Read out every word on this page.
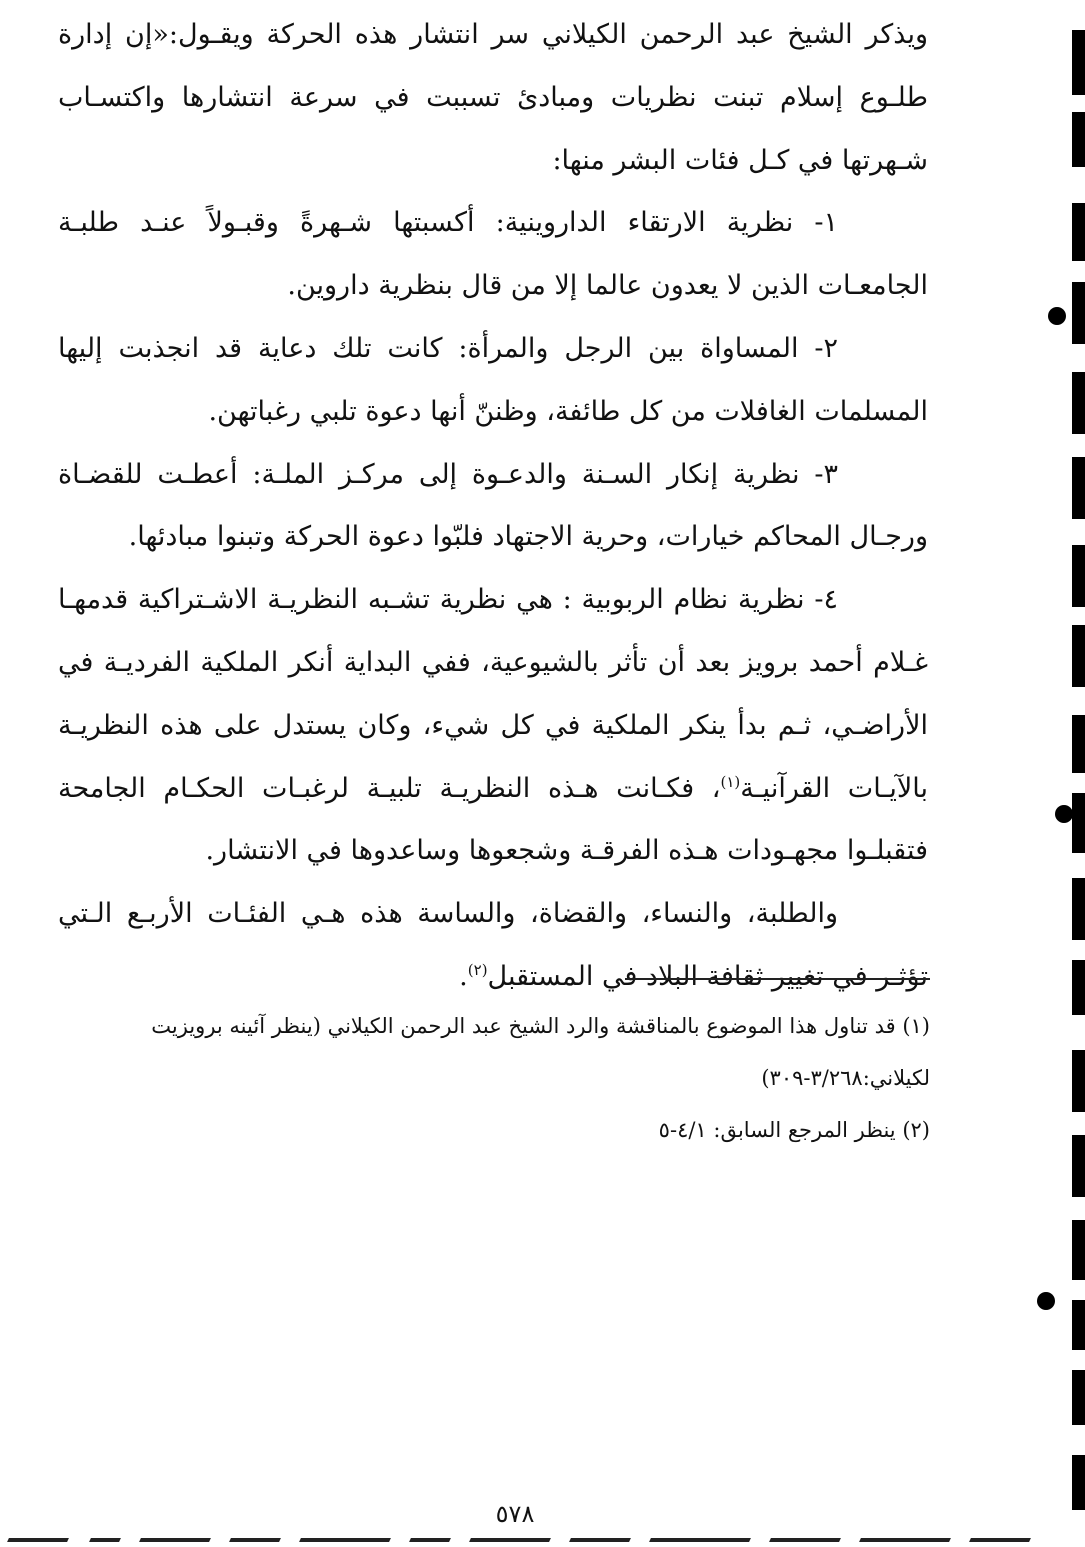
ويذكر الشيخ عبد الرحمن الكيلاني سر انتشار هذه الحركة ويقـول:«إن إدارة طلـوع إسلام تبنت نظريات ومبادئ تسببت في سرعة انتشارها واكتسـاب شـهرتها في كـل فئات البشر منها:

١- نظرية الارتقاء الداروينية: أكسبتها شـهرةً وقبـولاً عنـد طلبـة الجامعـات الذين لا يعدون عالما إلا من قال بنظرية داروين.

٢- المساواة بين الرجل والمرأة: كانت تلك دعاية قد انجذبت إليها المسلمات الغافلات من كل طائفة، وظننّ أنها دعوة تلبي رغباتهن.

٣- نظرية إنكار السـنة والدعـوة إلى مركـز الملـة: أعطـت للقضـاة ورجـال المحاكم خيارات، وحرية الاجتهاد فلبّوا دعوة الحركة وتبنوا مبادئها.

٤- نظرية نظام الربوبية : هي نظرية تشـبه النظريـة الاشـتراكية قدمهـا غـلام أحمد برويز بعد أن تأثر بالشيوعية، ففي البداية أنكر الملكية الفرديـة في الأراضـي، ثـم بدأ ينكر الملكية في كل شيء، وكان يستدل على هذه النظريـة بالآيـات القرآنيـة$^{(١)}$، فكـانت هـذه النظريـة تلبيـة لرغبـات الحكـام الجامحة فتقبلـوا مجهـودات هـذه الفرقـة وشجعوها وساعدوها في الانتشار.

والطلبة، والنساء، والقضاة، والساسة هذه هـي الفئـات الأربـع الـتي تؤثـر في تغيير ثقافة البلاد في المستقبل$^{(٢)}$.

(١) قد تناول هذا الموضوع بالمناقشة والرد الشيخ عبد الرحمن الكيلاني (ينظر آئينه برويزيت لكيلاني:٣/٢٦٨-٣٠٩)

(٢) ينظر المرجع السابق: ٤/١-٥

٥٧٨
